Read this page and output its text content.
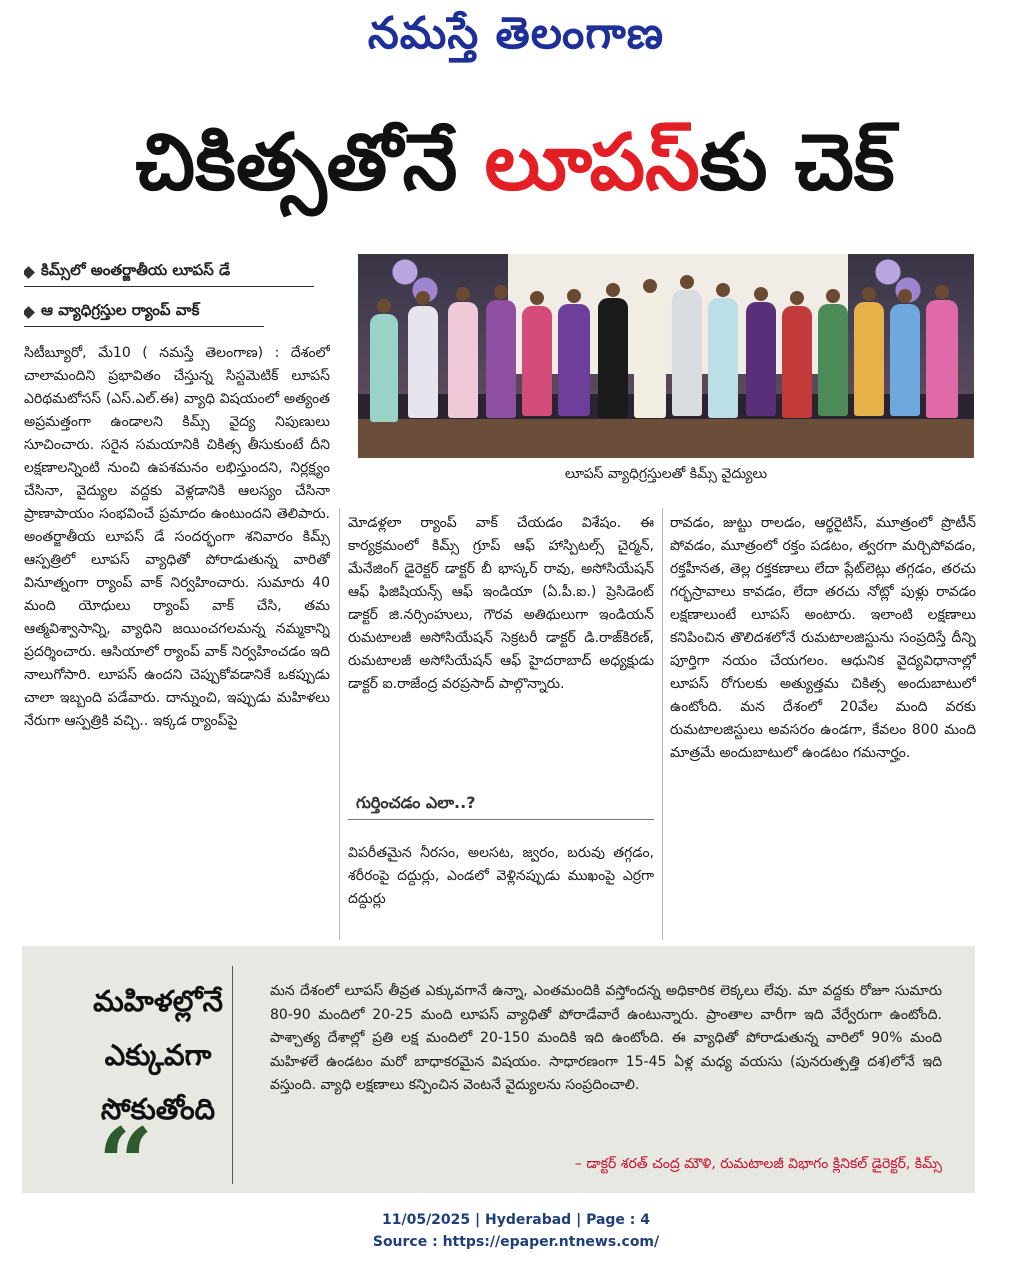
నమస్తే తెలంగాణ
చికిత్సతోనే లూపస్‌కు చెక్‌
కిమ్స్‌లో అంతర్జాతీయ లూపస్‌ డే
ఆ వ్యాధిగ్రస్తుల ర్యాంప్‌ వాక్‌

సిటీబ్యూరో, మే10 ( నమస్తే తెలంగాణ) : దేశంలో చాలామందిని ప్రభావితం చేస్తున్న సిస్టమెటిక్‌ లూపస్‌ ఎరిథమటోసస్‌ (ఎస్‌.ఎల్‌.ఈ) వ్యాధి విషయంలో అత్యంత అప్రమత్తంగా ఉండాలని కిమ్స్‌ వైద్య నిపుణులు సూచించారు. సరైన సమయానికి చికిత్స తీసుకుంటే దీని లక్షణాలన్నింటి నుంచి ఉపశమనం లభిస్తుందని, నిర్లక్ష్యం చేసినా, వైద్యుల వద్దకు వెళ్లడానికి ఆలస్యం చేసినా ప్రాణాపాయం సంభవించే ప్రమాదం ఉంటుందని తెలిపారు. అంతర్జాతీయ లూపస్‌ డే సందర్భంగా శనివారం కిమ్స్‌ ఆస్పత్రిలో లూపస్‌ వ్యాధితో పోరాడుతున్న వారితో వినూత్నంగా ర్యాంప్‌ వాక్‌ నిర్వహించారు. సుమారు 40 మంది యోధులు ర్యాంప్‌ వాక్‌ చేసి, తమ ఆత్మవిశ్వాసాన్ని, వ్యాధిని జయించగలమన్న నమ్మకాన్ని ప్రదర్శించారు. ఆసియాలో ర్యాంప్‌ వాక్‌ నిర్వహించడం ఇది నాలుగోసారి. లూపస్‌ ఉందని చెప్పుకోవడానికే ఒకప్పుడు చాలా ఇబ్బంది పడేవారు. దాన్నుంచి, ఇప్పుడు మహిళలు నేరుగా ఆస్పత్రికి వచ్చి.. ఇక్కడ ర్యాంప్‌పై

లూపస్‌ వ్యాధిగ్రస్తులతో కిమ్స్‌ వైద్యులు

మోడళ్లలా ర్యాంప్‌ వాక్‌ చేయడం విశేషం. ఈ కార్యక్రమంలో కిమ్స్‌ గ్రూప్‌ ఆఫ్‌ హాస్పిటల్స్‌ చైర్మన్‌, మేనేజింగ్‌ డైరెక్టర్‌ డాక్టర్‌ బీ భాస్కర్‌ రావు, అసోసియేషన్‌ ఆఫ్‌ ఫిజిషియన్స్‌ ఆఫ్‌ ఇండియా (ఏ.పీ.ఐ.) ప్రెసిడెంట్‌ డాక్టర్‌ జి.నర్సింహులు, గౌరవ అతిథులుగా ఇండియన్‌ రుమటాలజీ అసోసియేషన్‌ సెక్రటరీ డాక్టర్‌ డి.రాజ్‌కిరణ్‌, రుమటాలజీ అసోసియేషన్‌ ఆఫ్‌ హైదరాబాద్‌ అధ్యక్షుడు డాక్టర్‌ ఐ.రాజేంద్ర వరప్రసాద్‌ పాల్గొన్నారు.

గుర్తించడం ఎలా..?

విపరీతమైన నీరసం, అలసట, జ్వరం, బరువు తగ్గడం, శరీరంపై దద్దుర్లు, ఎండలో వెళ్లినప్పుడు ముఖంపై ఎర్రగా దద్దుర్లు

రావడం, జుట్టు రాలడం, ఆర్థరైటిస్‌, మూత్రంలో ప్రొటీన్‌ పోవడం, మూత్రంలో రక్తం పడటం, త్వరగా మర్చిపోవడం, రక్తహీనత, తెల్ల రక్తకణాలు లేదా ప్లేట్‌లెట్లు తగ్గడం, తరచు గర్భస్రావాలు కావడం, లేదా తరచు నోట్లో పుళ్లు రావడం లక్షణాలుంటే లూపస్‌ అంటారు. ఇలాంటి లక్షణాలు కనిపించిన తొలిదశలోనే రుమటాలజిస్టును సంప్రదిస్తే దీన్ని పూర్తిగా నయం చేయగలం. ఆధునిక వైద్యవిధానాల్లో లూపస్‌ రోగులకు అత్యుత్తమ చికిత్స అందుబాటులో ఉంటోంది. మన దేశంలో 20వేల మంది వరకు రుమటాలజిస్టులు అవసరం ఉండగా, కేవలం 800 మంది మాత్రమే అందుబాటులో ఉండటం గమనార్హం.

మహిళల్లోనే
ఎక్కువగా
సోకుతోంది
“
మన దేశంలో లూపస్‌ తీవ్రత ఎక్కువగానే ఉన్నా, ఎంతమందికి వస్తోందన్న అధికారిక లెక్కలు లేవు. మా వద్దకు రోజూ సుమారు 80-90 మందిలో 20-25 మంది లూపస్‌ వ్యాధితో పోరాడేవారే ఉంటున్నారు. ప్రాంతాల వారీగా ఇది వేర్వేరుగా ఉంటోంది. పాశ్చాత్య దేశాల్లో ప్రతి లక్ష మందిలో 20-150 మందికి ఇది ఉంటోంది. ఈ వ్యాధితో పోరాడుతున్న వారిలో 90% మంది మహిళలే ఉండటం మరో బాధాకరమైన విషయం. సాధారణంగా 15-45 ఏళ్ల మధ్య వయసు (పునరుత్పత్తి దశ)లోనే ఇది వస్తుంది. వ్యాధి లక్షణాలు కన్పించిన వెంటనే వైద్యులను సంప్రదించాలి.
– డాక్టర్‌ శరత్‌ చంద్ర మౌళి, రుమటాలజీ విభాగం క్లినికల్‌ డైరెక్టర్‌, కిమ్స్‌
11/05/2025 | Hyderabad | Page : 4
Source : https://epaper.ntnews.com/
